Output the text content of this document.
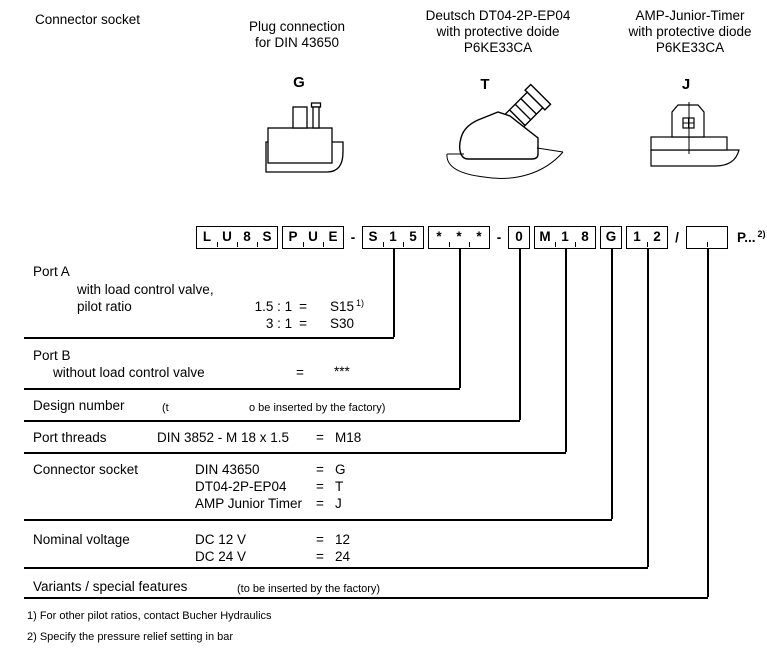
Connector socket	Plug connection
for DIN 43650
Deutsch DT04-2P-EP04
with protective doide
P6KE33CA
AMP-Junior-Timer
with protective diode
P6KE33CA
G	T	J
L U 8 S	P U E - S 1 5	*	*	*	-	0	M 1 8	G	1 2	/	P... $^{2)}$
Port A
with load control valve,
pilot ratio	1.5 : 1 = S15 $^{1)}$
3 : 1 = S30
Port B
without load control valve	= ***
Design number	(t	o be inserted by the factory)
Port threads	DIN 3852 - M 18 x 1.5 = M18
Connector socket	DIN 43650	= G
DT04-2P-EP04 = T
AMP Junior Timer = J
Nominal voltage	DC 12 V	= 12
DC 24 V	= 24
Variants / special features	(to be inserted by the factory)
1) For other pilot ratios, contact Bucher Hydraulics
2) Specify the pressure relief setting in bar
